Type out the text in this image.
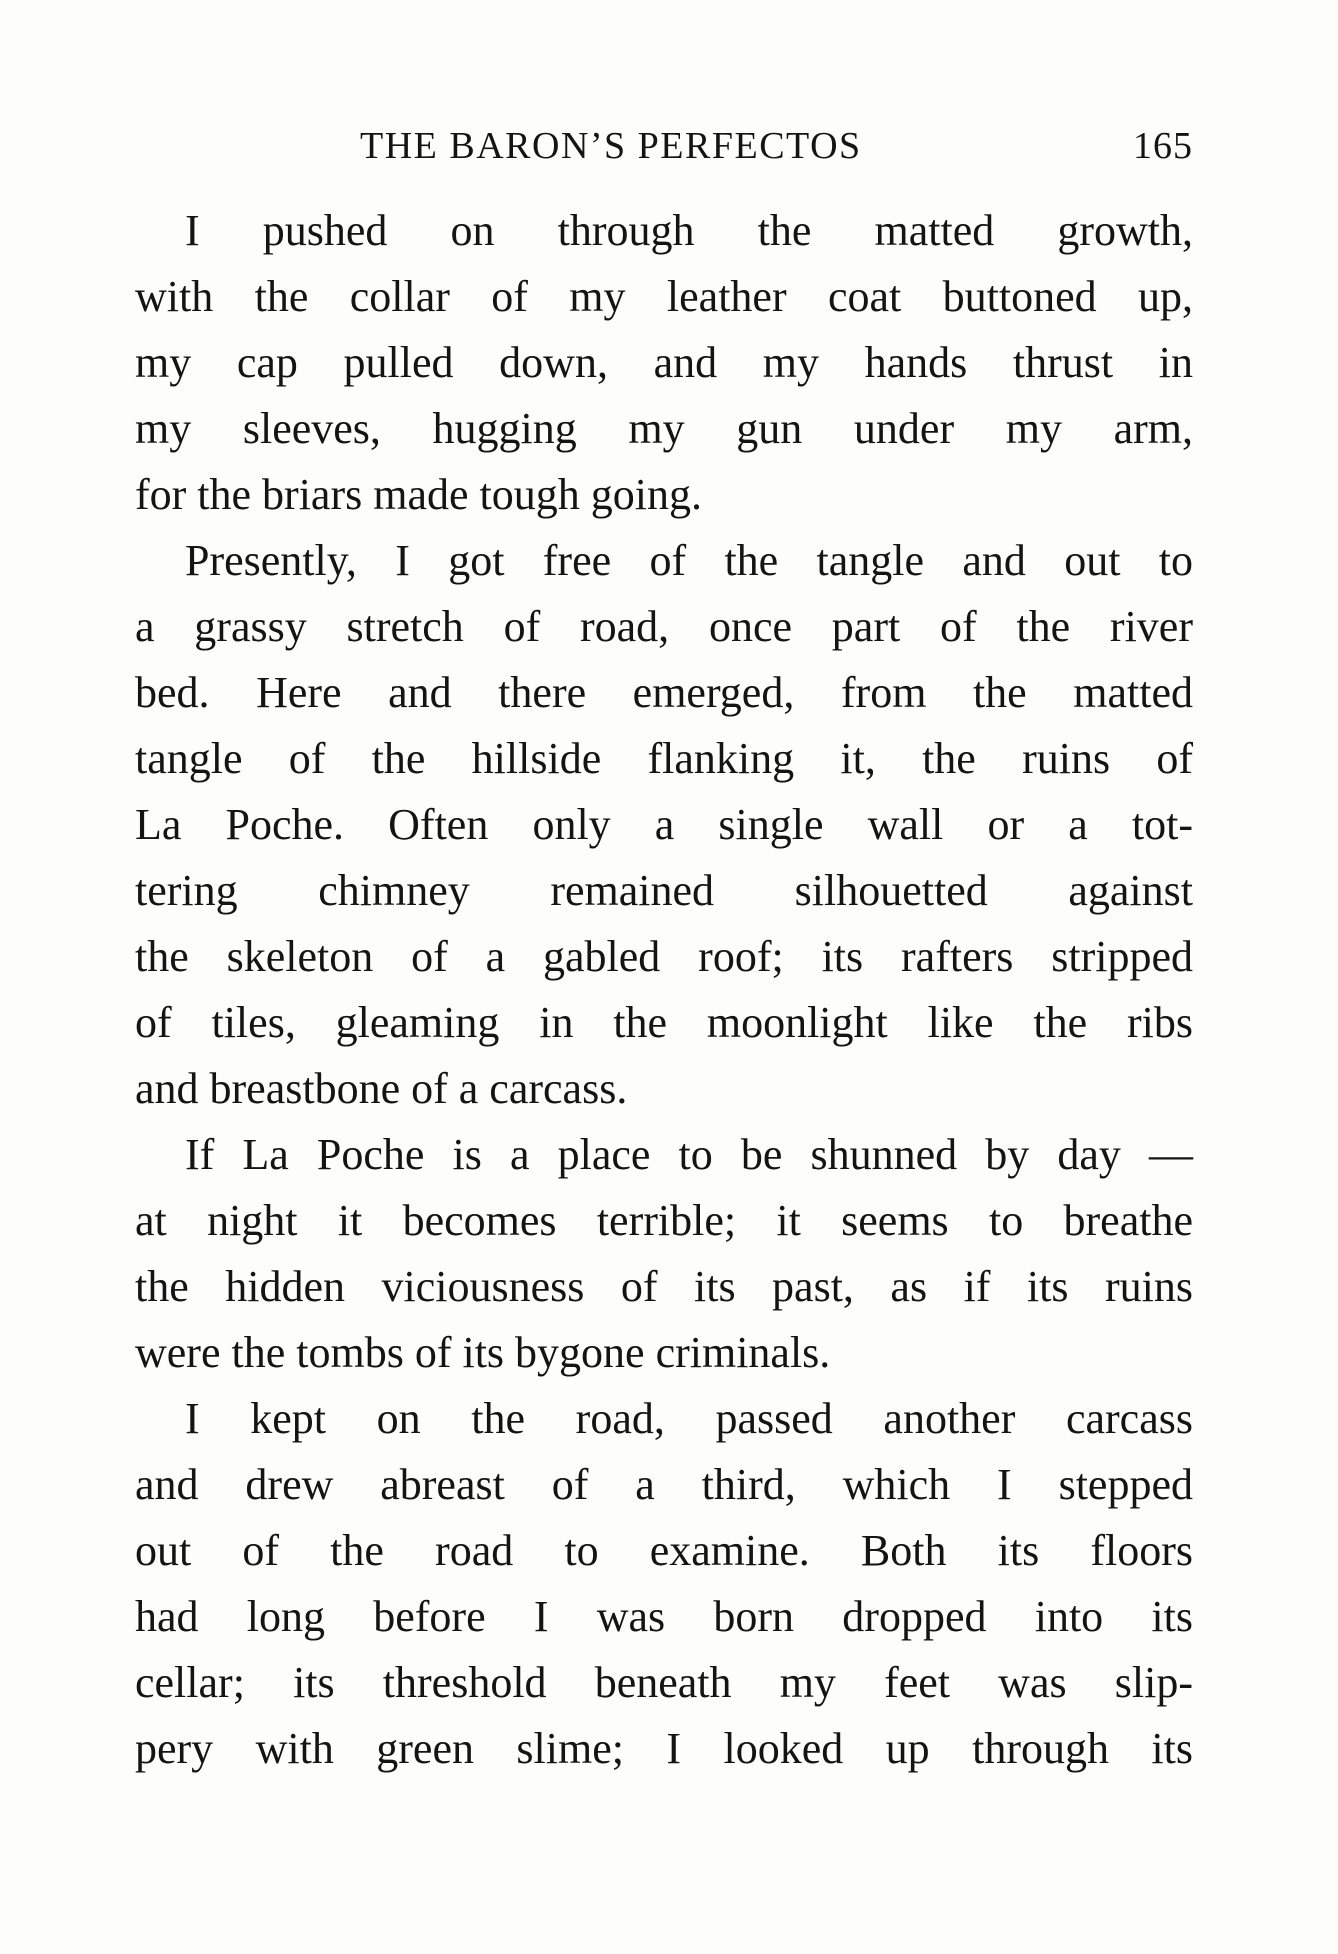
THE BARON’S PERFECTOS	165
I pushed on through the matted growth,
with the collar of my leather coat buttoned up,
my cap pulled down, and my hands thrust in
my sleeves, hugging my gun under my arm,
for the briars made tough going.
Presently, I got free of the tangle and out to
a grassy stretch of road, once part of the river
bed. Here and there emerged, from the matted
tangle of the hillside flanking it, the ruins of
La Poche. Often only a single wall or a tot-
tering chimney remained silhouetted against
the skeleton of a gabled roof; its rafters stripped
of tiles, gleaming in the moonlight like the ribs
and breastbone of a carcass.
If La Poche is a place to be shunned by day —
at night it becomes terrible; it seems to breathe
the hidden viciousness of its past, as if its ruins
were the tombs of its bygone criminals.
I kept on the road, passed another carcass
and drew abreast of a third, which I stepped
out of the road to examine. Both its floors
had long before I was born dropped into its
cellar; its threshold beneath my feet was slip-
pery with green slime; I looked up through its
